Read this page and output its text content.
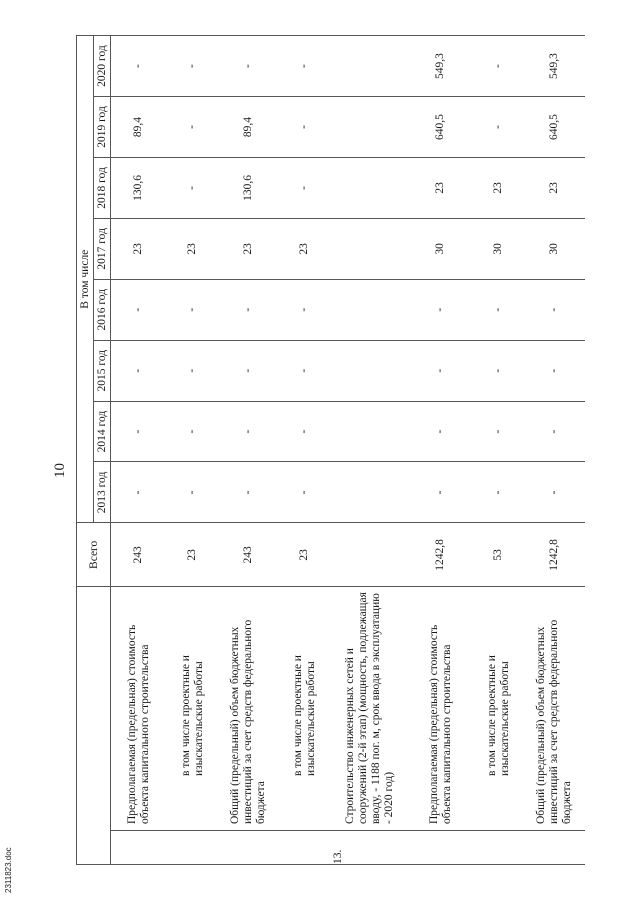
10
		Всего	В том числе							
			2013 год	2014 год	2015 год	2016 год	2017 год	2018 год	2019 год	2020 год
	Предполагаемая (предельная) стоимость объекта капитального строительства	243	-	-	-	-	23	130,6	89,4	-

	в том числе проектные и изыскательские работы	23	-	-	-	-	23	-	-	-
	Общий (предельный) объем бюджетных инвестиций за счет средств федерального бюджета	243	-	-	-	-	23	130,6	89,4	-

	в том числе проектные и изыскательские работы	23	-	-	-	-	23	-	-	-
13.	Строительство инженерных сетей и сооружений (2-й этап) (мощность, подлежащая вводу, - 1188 пог. м, срок ввода в эксплуатацию - 2020 год)									
	Предполагаемая (предельная) стоимость объекта капитального строительства	1242,8	-	-	-	-	30	23	640,5	549,3

	в том числе проектные и изыскательские работы	53	-	-	-	-	30	23	-	-
	Общий (предельный) объем бюджетных инвестиций за счет средств федерального бюджета	1242,8	-	-	-	-	30	23	640,5	549,3
2311823.doc
